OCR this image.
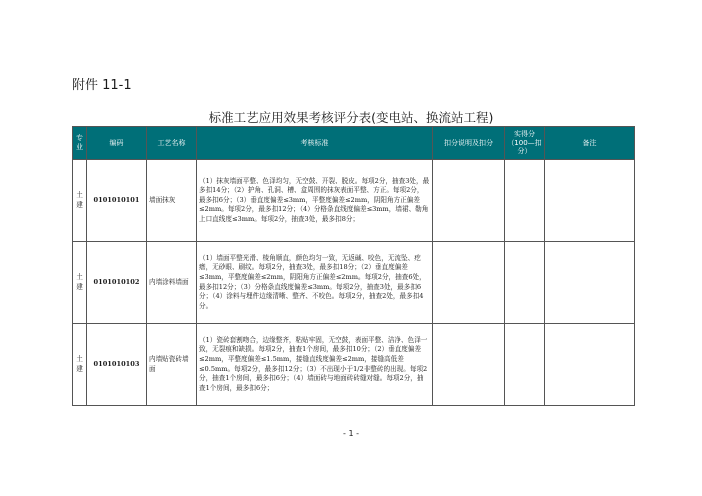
附件 11-1
标准工艺应用效果考核评分表(变电站、换流站工程)
专业	编码	工艺名称	考核标准	扣分说明及扣分	实得分（100—扣分）	备注
土建	0101010101	墙面抹灰	（1）抹灰墙面平整、色泽均匀，无空鼓、开裂、脱皮。每项2分，抽查3处，最多扣14分；（2）护角、孔洞、槽、盒周围的抹灰表面平整、方正。每项2分，最多扣6分；（3）垂直度偏差≤3mm，平整度偏差≤2mm，阴阳角方正偏差≤2mm。每项2分，最多扣12分；（4）分格条直线度偏差≤3mm，墙裙、勒角上口直线度≤3mm。每项2分，抽查3处，最多扣8分；			

土建	0101010102	内墙涂料墙面	（1）墙面平整光滑、棱角顺直，颜色均匀一致，无返碱、咬色，无流坠、疙瘩，无砂眼、刷纹。每项2分，抽查3处，最多扣18分；（2）垂直度偏差≤3mm，平整度偏差≤2mm，阴阳角方正偏差≤2mm。每项2分，抽查6处，最多扣12分；（3）分格条直线度偏差≤3mm。每项2分，抽查3处，最多扣6分；（4）涂料与埋件边缘清晰、整齐、不咬色。每项2分，抽查2处，最多扣4分。			

土建	0101010103	内墙贴瓷砖墙面	（1）瓷砖套割吻合，边缘整齐，粘贴牢固，无空鼓，表面平整、洁净、色泽一致，无裂痕和缺损。每项2分，抽查1个房间，最多扣10分；（2）垂直度偏差≤2mm，平整度偏差≤1.5mm，接缝直线度偏差≤2mm，接缝高低差≤0.5mm。每项2分，最多扣12分；（3）不出现小于1/2非整砖的出现。每项2分，抽查1个房间，最多扣6分；（4）墙面砖与地面砖砖缝对缝。每项2分，抽查1个房间，最多扣6分；			

- 1 -
